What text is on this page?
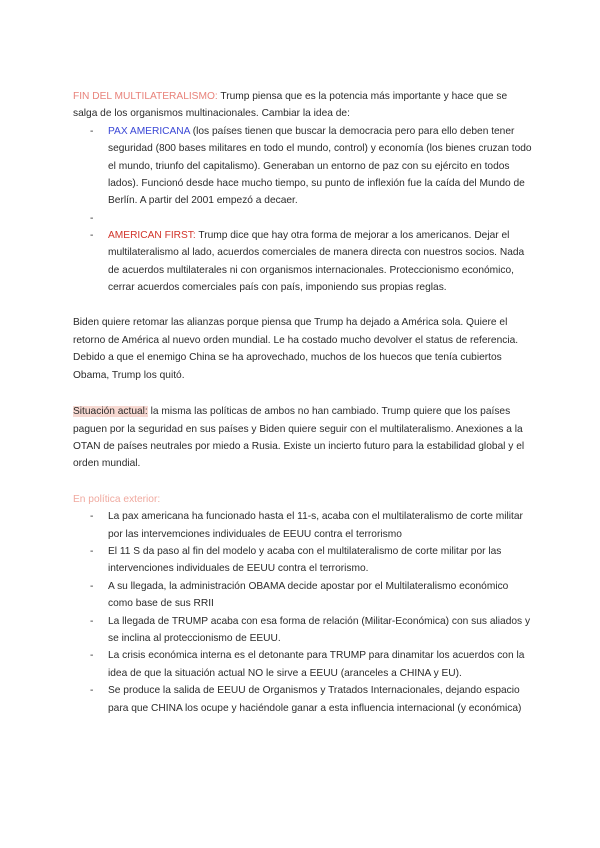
FIN DEL MULTILATERALISMO: Trump piensa que es la potencia más importante y hace que se salga de los organismos multinacionales. Cambiar la idea de:

- PAX AMERICANA (los países tienen que buscar la democracia pero para ello deben tener seguridad (800 bases militares en todo el mundo, control) y economía (los bienes cruzan todo el mundo, triunfo del capitalismo). Generaban un entorno de paz con su ejército en todos lados). Funcionó desde hace mucho tiempo, su punto de inflexión fue la caída del Mundo de Berlín. A partir del 2001 empezó a decaer.
-
- AMERICAN FIRST: Trump dice que hay otra forma de mejorar a los americanos. Dejar el multilateralismo al lado, acuerdos comerciales de manera directa con nuestros socios. Nada de acuerdos multilaterales ni con organismos internacionales. Proteccionismo económico, cerrar acuerdos comerciales país con país, imponiendo sus propias reglas.

Biden quiere retomar las alianzas porque piensa que Trump ha dejado a América sola. Quiere el retorno de América al nuevo orden mundial. Le ha costado mucho devolver el status de referencia. Debido a que el enemigo China se ha aprovechado, muchos de los huecos que tenía cubiertos Obama, Trump los quitó.

Situación actual: la misma las políticas de ambos no han cambiado. Trump quiere que los países paguen por la seguridad en sus países y Biden quiere seguir con el multilateralismo. Anexiones a la OTAN de países neutrales por miedo a Rusia. Existe un incierto futuro para la estabilidad global y el orden mundial.

En política exterior:

- La pax americana ha funcionado hasta el 11-s, acaba con el multilateralismo de corte militar por las intervemciones individuales de EEUU contra el terrorismo
- El 11 S da paso al fin del modelo y acaba con el multilateralismo de corte militar por las intervenciones individuales de EEUU contra el terrorismo.
- A su llegada, la administración OBAMA decide apostar por el Multilateralismo económico como base de sus RRII
- La llegada de TRUMP acaba con esa forma de relación (Militar-Económica) con sus aliados y se inclina al proteccionismo de EEUU.
- La crisis económica interna es el detonante para TRUMP para dinamitar los acuerdos con la idea de que la situación actual NO le sirve a EEUU (aranceles a CHINA y EU).
- Se produce la salida de EEUU de Organismos y Tratados Internacionales, dejando espacio para que CHINA los ocupe y haciéndole ganar a esta influencia internacional (y económica)
